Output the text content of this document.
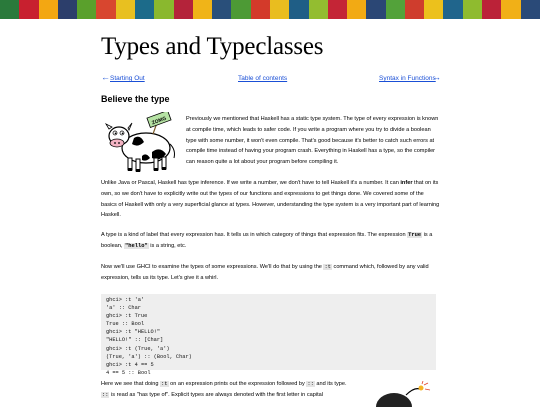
Types and Typeclasses
← Starting Out	Table of contents	Syntax in Functions
→
Believe the type
ZOMG	Previously we mentioned that Haskell has a static type system. The type of every expression is known at compile time, which leads to safer code. If you write a program where you try to divide a boolean type with some number, it won't even compile. That's good because it's better to catch such errors at compile time instead of having your program crash. Everything in Haskell has a type, so the compiler can reason quite a lot about your program before compiling it.

Unlike Java or Pascal, Haskell has type inference. If we write a number, we don't have to tell Haskell it's a number. It can infer that on its own, so we don't have to explicitly write out the types of our functions and expressions to get things done. We covered some of the basics of Haskell with only a very superficial glance at types. However, understanding the type system is a very important part of learning Haskell.

A type is a kind of label that every expression has. It tells us in which category of things that expression fits. The expression True is a boolean, "hello" is a string, etc.

Now we'll use GHCI to examine the types of some expressions. We'll do that by using the :t command which, followed by any valid expression, tells us its type. Let's give it a whirl.

ghci> :t 'a'
'a' :: Char
ghci> :t True
True :: Bool
ghci> :t "HELLO!"
"HELLO!" :: [Char]
ghci> :t (True, 'a')
(True, 'a') :: (Bool, Char)
ghci> :t 4 == 5
4 == 5 :: Bool

Here we see that doing :t on an expression prints out the expression followed by :: and its type. :: is read as "has type of". Explicit types are always denoted with the first letter in capital
